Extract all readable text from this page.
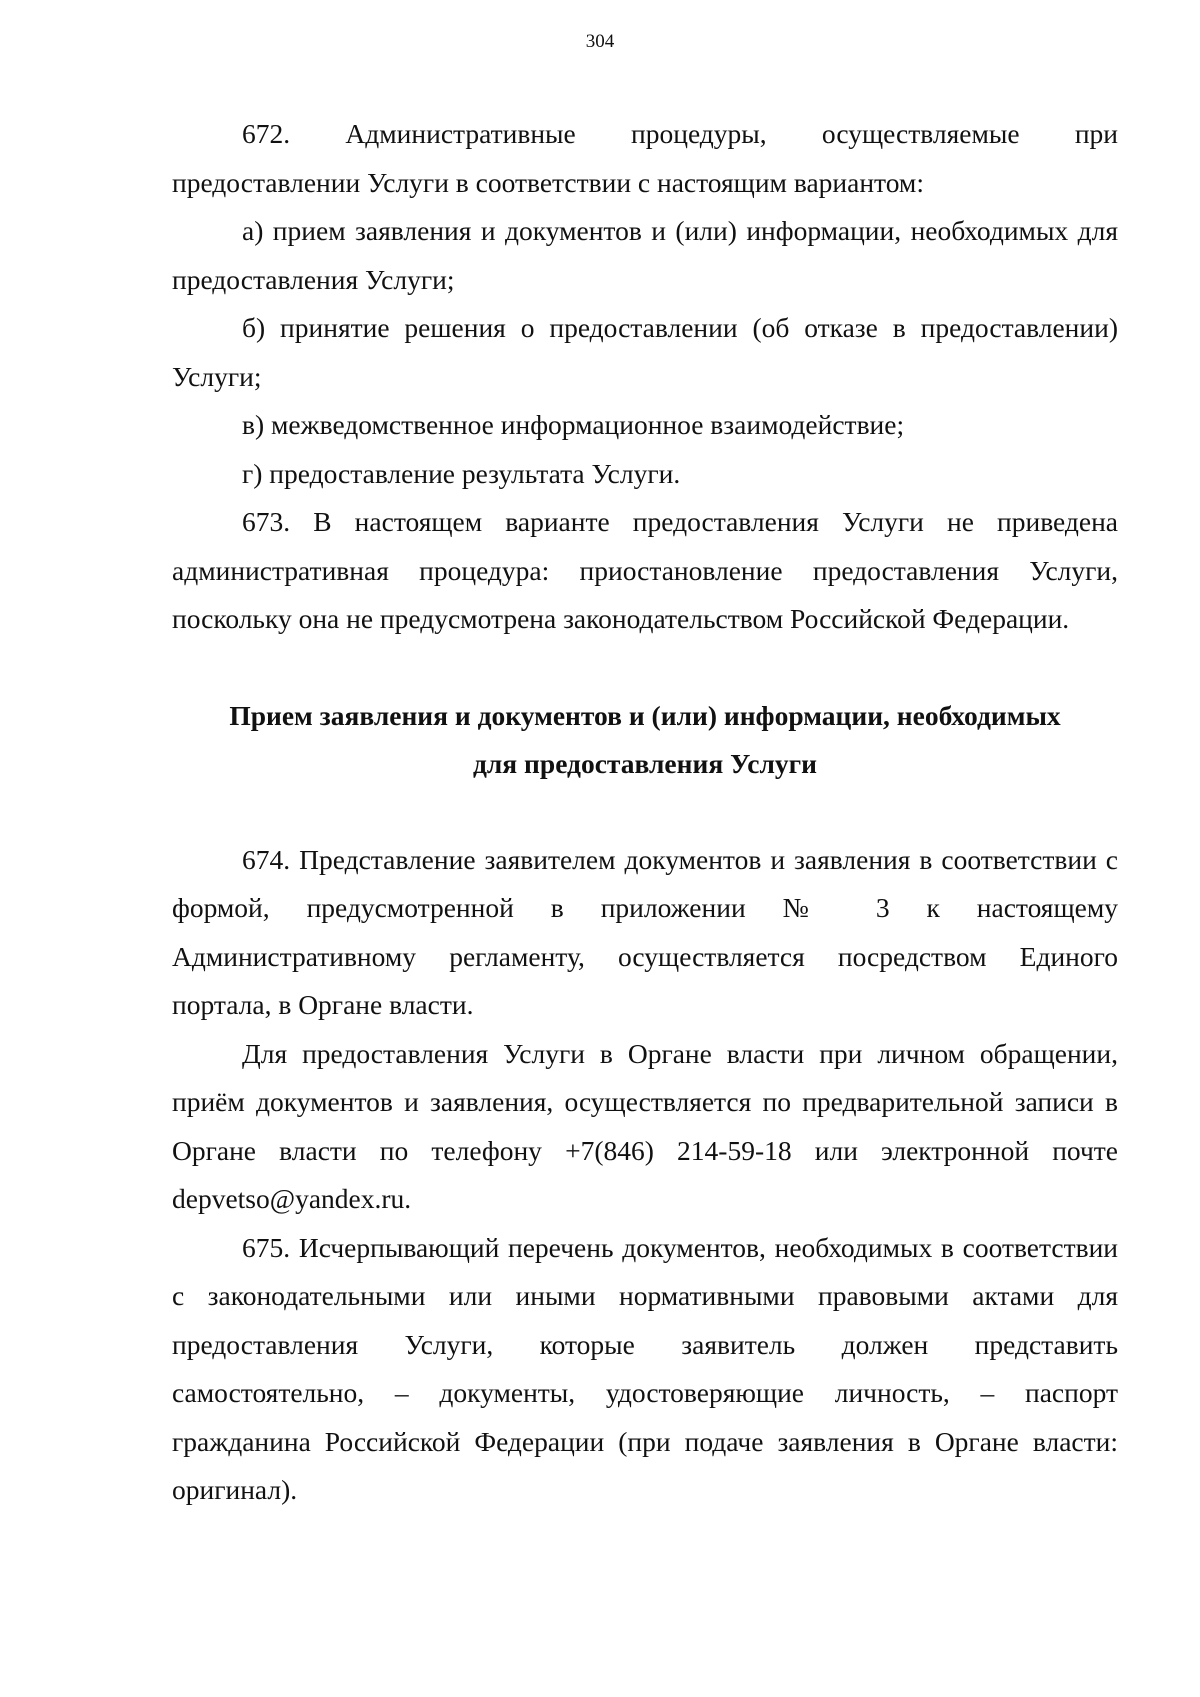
304

672. Административные процедуры, осуществляемые при предоставлении Услуги в соответствии с настоящим вариантом:

а) прием заявления и документов и (или) информации, необходимых для предоставления Услуги;

б) принятие решения о предоставлении (об отказе в предоставлении) Услуги;

в) межведомственное информационное взаимодействие;

г) предоставление результата Услуги.

673. В настоящем варианте предоставления Услуги не приведена административная процедура: приостановление предоставления Услуги, поскольку она не предусмотрена законодательством Российской Федерации.

Прием заявления и документов и (или) информации, необходимых
для предоставления Услуги

674. Представление заявителем документов и заявления в соответствии с формой, предусмотренной в приложении № 3 к настоящему Административному регламенту, осуществляется посредством Единого портала, в Органе власти.

Для предоставления Услуги в Органе власти при личном обращении, приём документов и заявления, осуществляется по предварительной записи в Органе власти по телефону +7(846) 214-59-18 или электронной почте depvetso@yandex.ru.

675. Исчерпывающий перечень документов, необходимых в соответствии с законодательными или иными нормативными правовыми актами для предоставления Услуги, которые заявитель должен представить самостоятельно, – документы, удостоверяющие личность, – паспорт гражданина Российской Федерации (при подаче заявления в Органе власти: оригинал).
